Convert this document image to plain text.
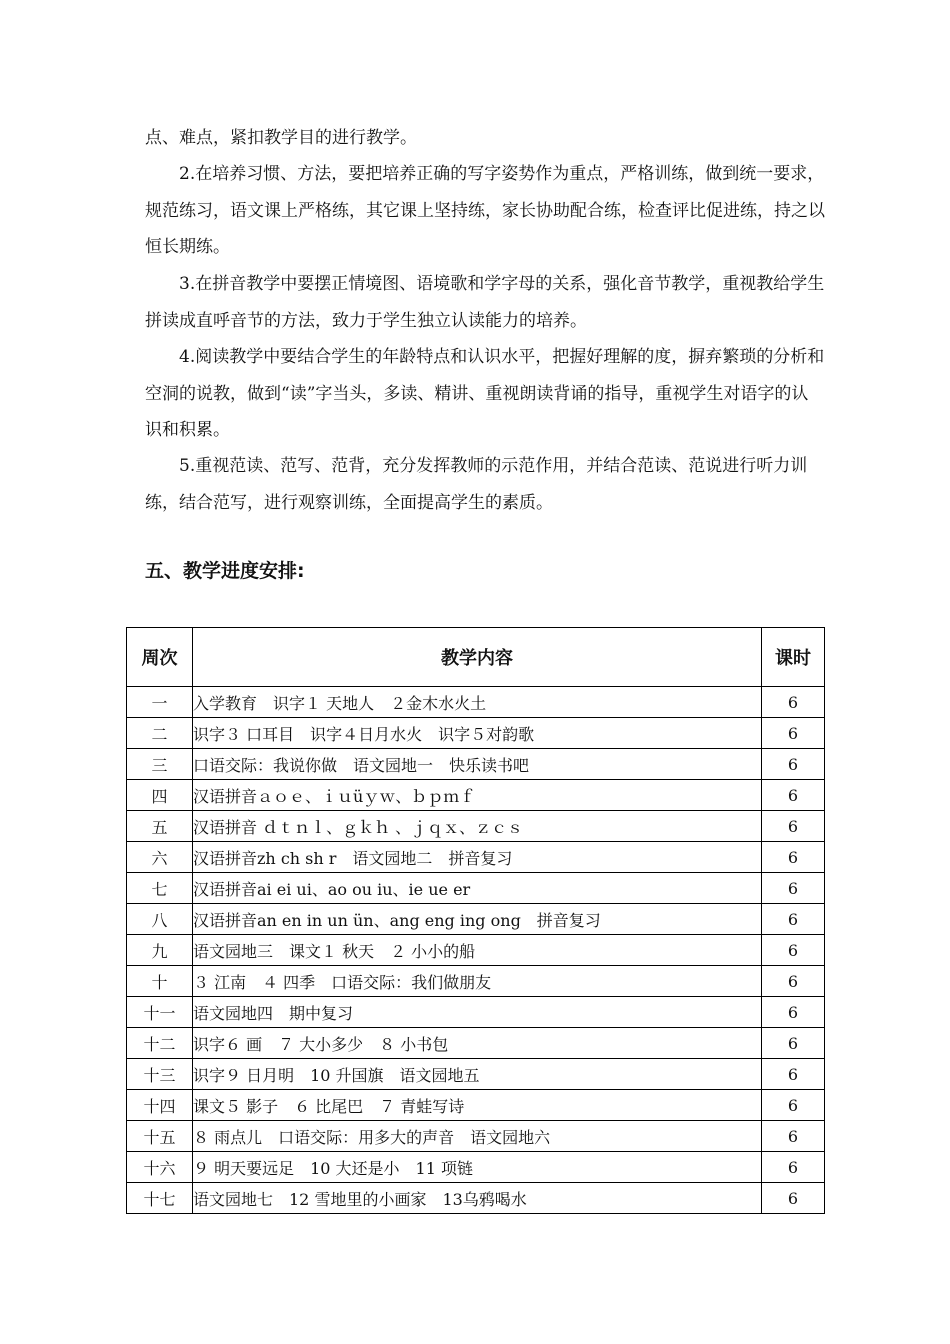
点、难点，紧扣教学目的进行教学。

2.在培养习惯、方法，要把培养正确的写字姿势作为重点，严格训练，做到统一要求，规范练习，语文课上严格练，其它课上坚持练，家长协助配合练，检查评比促进练，持之以恒长期练。

3.在拼音教学中要摆正情境图、语境歌和学字母的关系，强化音节教学，重视教给学生拼读成直呼音节的方法，致力于学生独立认读能力的培养。

4.阅读教学中要结合学生的年龄特点和认识水平，把握好理解的度，摒弃繁琐的分析和空洞的说教，做到“读”字当头，多读、精讲、重视朗读背诵的指导，重视学生对语字的认识和积累。

5.重视范读、范写、范背，充分发挥教师的示范作用，并结合范读、范说进行听力训练，结合范写，进行观察训练，全面提高学生的素质。

五、教学进度安排:
周次	教学内容	课时
一	入学教育　识字１ 天地人　２金木水火土	6
二	识字３ 口耳目　识字４日月水火　识字５对韵歌	6
三	口语交际：我说你做　语文园地一　快乐读书吧	6
四	汉语拼音ａｏｅ、ｉｕüｙｗ、ｂｐｍｆ	6
五	汉语拼音 ｄｔｎｌ、ｇｋｈ 、ｊｑｘ、ｚｃｓ	6
六	汉语拼音zh ch sh r　语文园地二　拼音复习	6
七	汉语拼音ai ei ui、ao ou iu、ie ue er	6
八	汉语拼音an en in un ün、ang eng ing ong　拼音复习	6
九	语文园地三　课文１ 秋天　２ 小小的船	6
十	３ 江南　４ 四季　口语交际：我们做朋友	6
十一	语文园地四　期中复习	6
十二	识字６ 画　７ 大小多少　８ 小书包	6
十三	识字９ 日月明　10 升国旗　语文园地五	6
十四	课文５ 影子　６ 比尾巴　７ 青蛙写诗	6
十五	８ 雨点儿　口语交际：用多大的声音　语文园地六	6
十六	９ 明天要远足　10 大还是小　11 项链	6
十七	语文园地七　12 雪地里的小画家　13乌鸦喝水	6
